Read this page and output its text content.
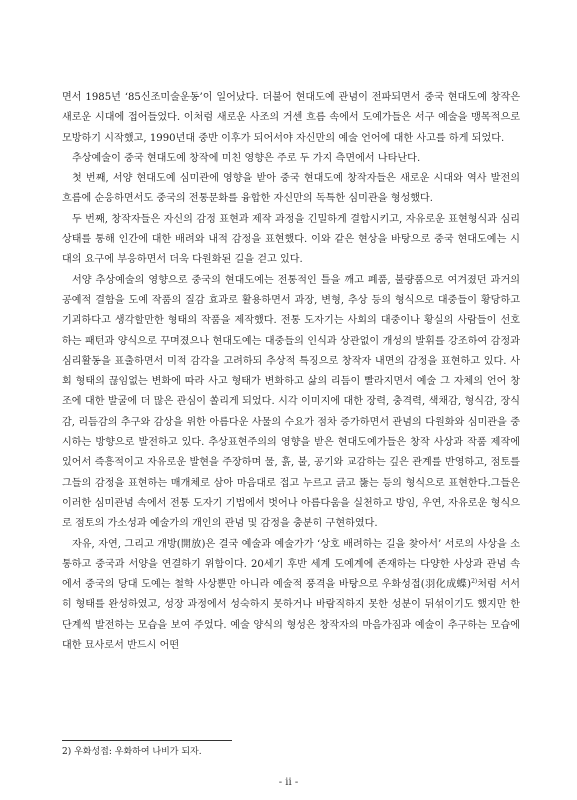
면서 1985년 ‘85신조미술운동’이 일어났다. 더불어 현대도예 관념이 전파되면서 중국 현대도예 창작은 새로운 시대에 접어들었다. 이처럼 새로운 사조의 거센 흐름 속에서 도예가들은 서구 예술을 맹목적으로 모방하기 시작했고, 1990년대 중반 이후가 되어서야 자신만의 예술 언어에 대한 사고를 하게 되었다.

추상예술이 중국 현대도예 창작에 미친 영향은 주로 두 가지 측면에서 나타난다.

첫 번째, 서양 현대도예 심미관에 영향을 받아 중국 현대도예 창작자들은 새로운 시대와 역사 발전의 흐름에 순응하면서도 중국의 전통문화를 융합한 자신만의 독특한 심미관을 형성했다.

두 번째, 창작자들은 자신의 감정 표현과 제작 과정을 긴밀하게 결합시키고, 자유로운 표현형식과 심리 상태를 통해 인간에 대한 배려와 내적 감정을 표현했다. 이와 같은 현상을 바탕으로 중국 현대도예는 시대의 요구에 부응하면서 더욱 다원화된 길을 걷고 있다.

서양 추상예술의 영향으로 중국의 현대도예는 전통적인 틀을 깨고 폐품, 불량품으로 여겨졌던 과거의 공예적 결함을 도예 작품의 질감 효과로 활용하면서 과장, 변형, 추상 등의 형식으로 대중들이 황당하고 기괴하다고 생각할만한 형태의 작품을 제작했다. 전통 도자기는 사회의 대중이나 황실의 사람들이 선호하는 패턴과 양식으로 꾸며졌으나 현대도예는 대중들의 인식과 상관없이 개성의 발휘를 강조하여 감정과 심리활동을 표출하면서 미적 감각을 고려하되 추상적 특징으로 창작자 내면의 감정을 표현하고 있다. 사회 형태의 끊임없는 변화에 따라 사고 형태가 변화하고 삶의 리듬이 빨라지면서 예술 그 자체의 언어 창조에 대한 발굴에 더 많은 관심이 쏠리게 되었다. 시각 이미지에 대한 장력, 충격력, 색채감, 형식감, 장식감, 리듬감의 추구와 감상을 위한 아름다운 사물의 수요가 점차 증가하면서 관념의 다원화와 심미관을 중시하는 방향으로 발전하고 있다. 추상표현주의의 영향을 받은 현대도예가들은 창작 사상과 작품 제작에 있어서 즉흥적이고 자유로운 발현을 주장하며 물, 흙, 불, 공기와 교감하는 깊은 관계를 반영하고, 점토를 그들의 감정을 표현하는 매개체로 삼아 마음대로 접고 누르고 긁고 뚫는 등의 형식으로 표현한다.그들은 이러한 심미관념 속에서 전통 도자기 기법에서 벗어나 아름다움을 실천하고 방임, 우연, 자유로운 형식으로 점토의 가소성과 예술가의 개인의 관념 및 감정을 충분히 구현하였다.

자유, 자연, 그리고 개방(開放)은 결국 예술과 예술가가 ‘상호 배려하는 길을 찾아서’ 서로의 사상을 소통하고 중국과 서양을 연결하기 위함이다. 20세기 후반 세계 도예계에 존재하는 다양한 사상과 관념 속에서 중국의 당대 도예는 철학 사상뿐만 아니라 예술적 풍격을 바탕으로 우화성접(羽化成蝶)$^{2)}$처럼 서서히 형태를 완성하였고, 성장 과정에서 성숙하지 못하거나 바람직하지 못한 성분이 뒤섞이기도 했지만 한 단계씩 발전하는 모습을 보여 주었다. 예술 양식의 형성은 창작자의 마음가짐과 예술이 추구하는 모습에 대한 묘사로서 반드시 어떤

2) 우화성접: 우화하여 나비가 되자.
- ii -
